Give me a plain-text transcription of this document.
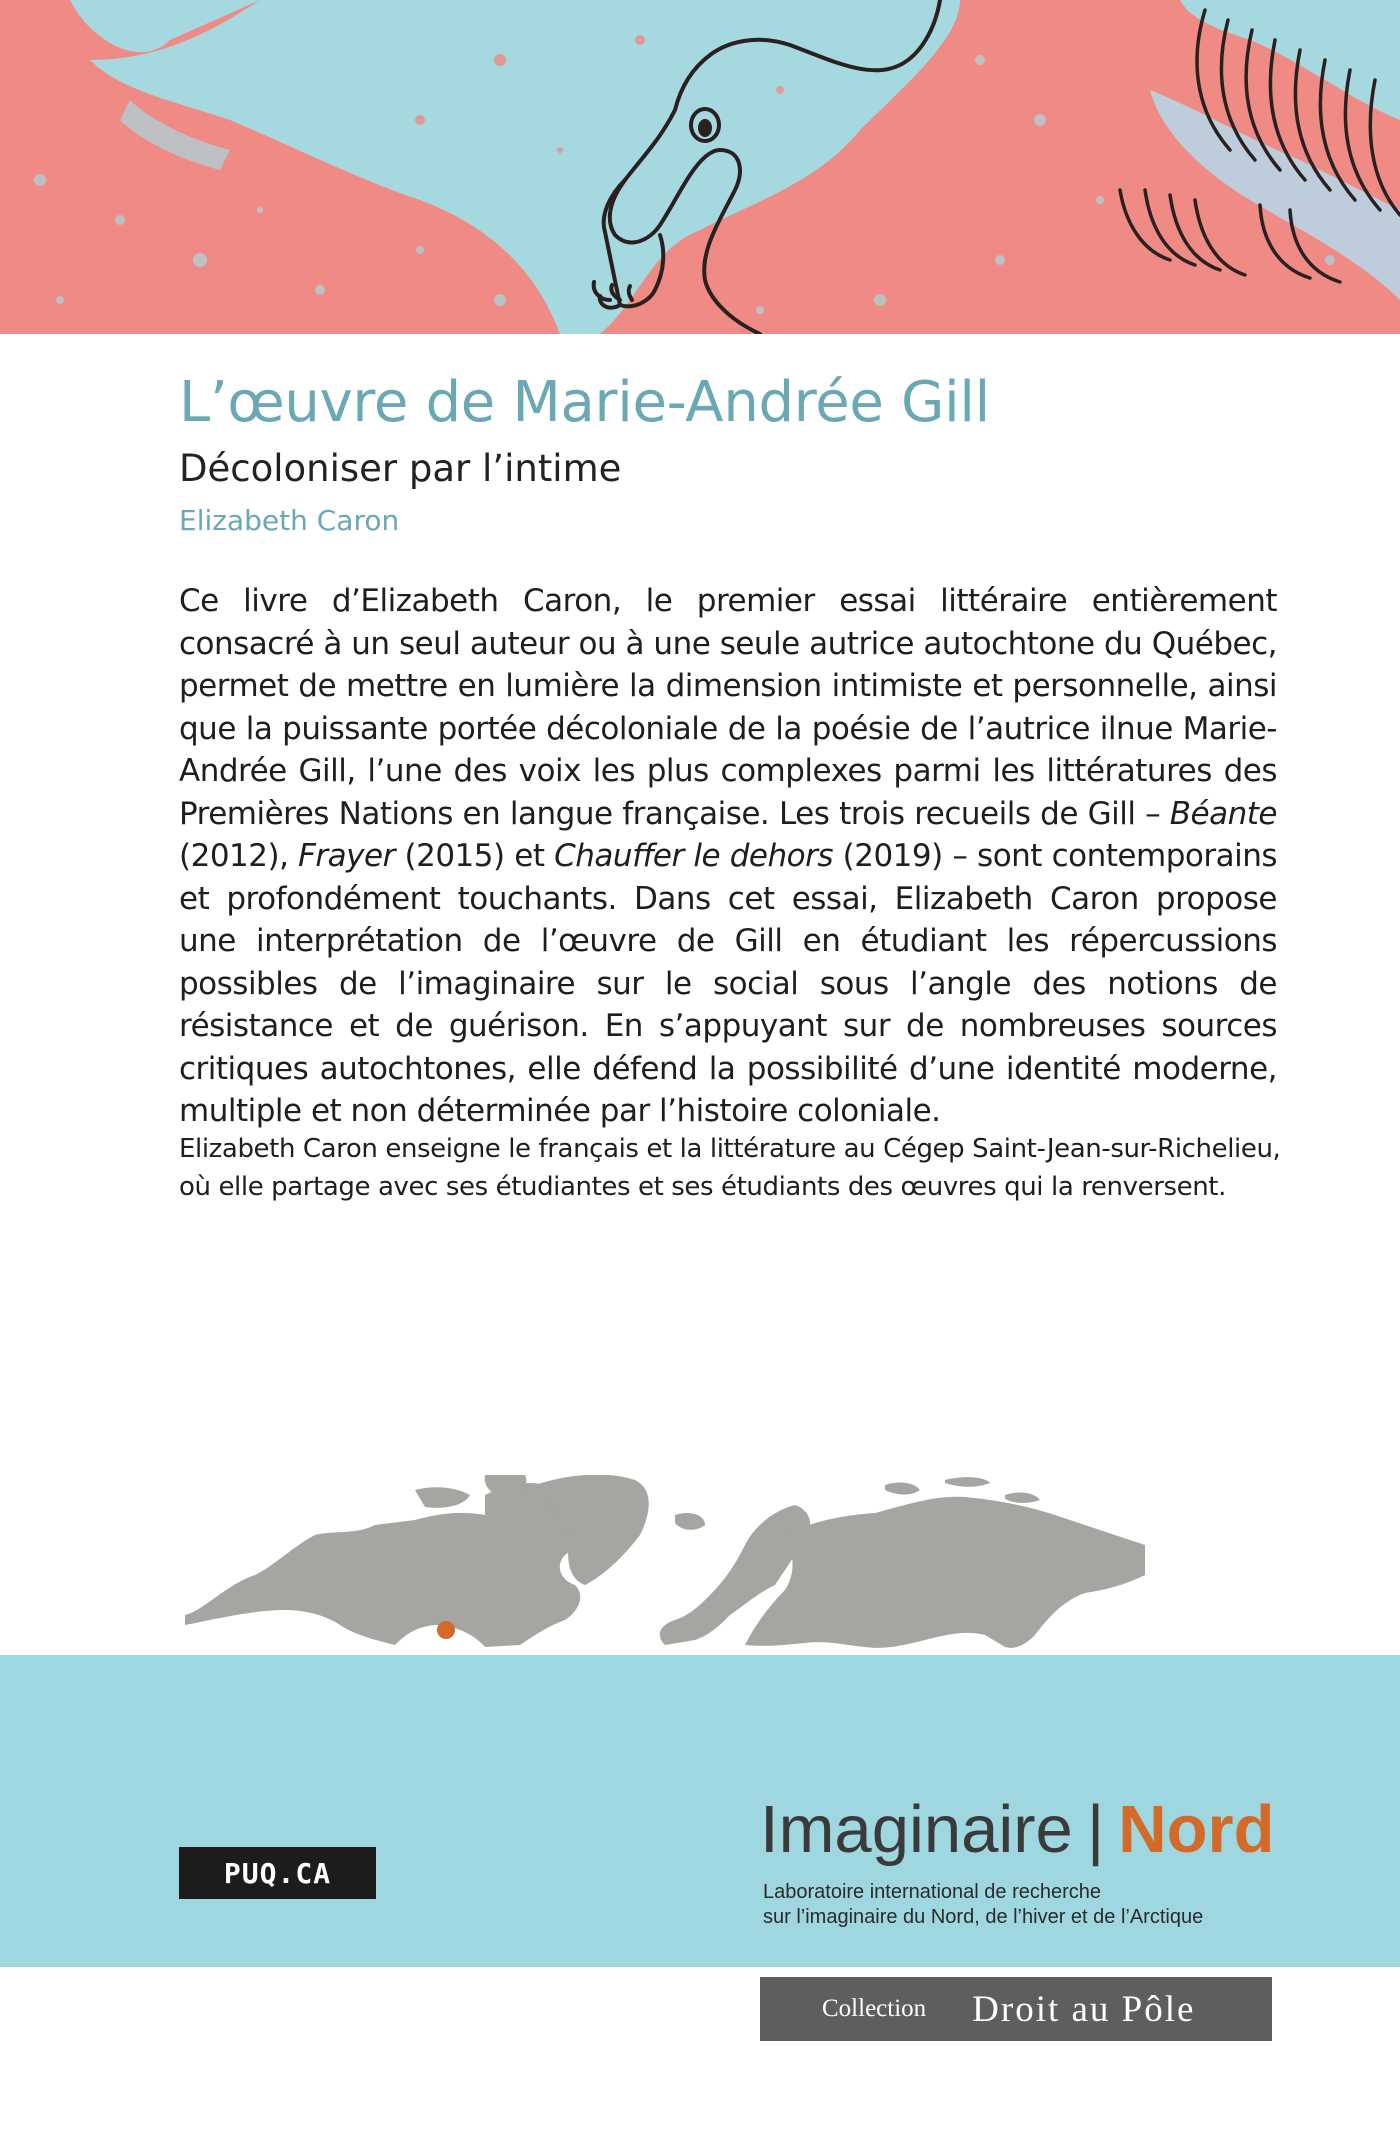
L’œuvre de Marie-Andrée Gill
Décoloniser par l’intime
Elizabeth Caron

Ce livre d’Elizabeth Caron, le premier essai littéraire entièrement consacré à un seul auteur ou à une seule autrice autochtone du Québec, permet de mettre en lumière la dimension intimiste et personnelle, ainsi que la puissante portée décoloniale de la poésie de l’autrice ilnue Marie-Andrée Gill, l’une des voix les plus complexes parmi les littératures des Premières Nations en langue française. Les trois recueils de Gill – Béante (2012), Frayer (2015) et Chauffer le dehors (2019) – sont contemporains et profondément touchants. Dans cet essai, Elizabeth Caron propose une interprétation de l’œuvre de Gill en étudiant les répercussions possibles de l’imaginaire sur le social sous l’angle des notions de résistance et de guérison. En s’appuyant sur de nombreuses sources critiques autochtones, elle défend la possibilité d’une identité moderne, multiple et non déterminée par l’histoire coloniale.

Elizabeth Caron enseigne le français et la littérature au Cégep Saint-Jean-sur-Richelieu,

où elle partage avec ses étudiantes et ses étudiants des œuvres qui la renversent.

PUQ.CA
Imaginaire | Nord
Laboratoire international de recherche
sur l’imaginaire du Nord, de l’hiver et de l’Arctique
Collection Droit au Pôle
